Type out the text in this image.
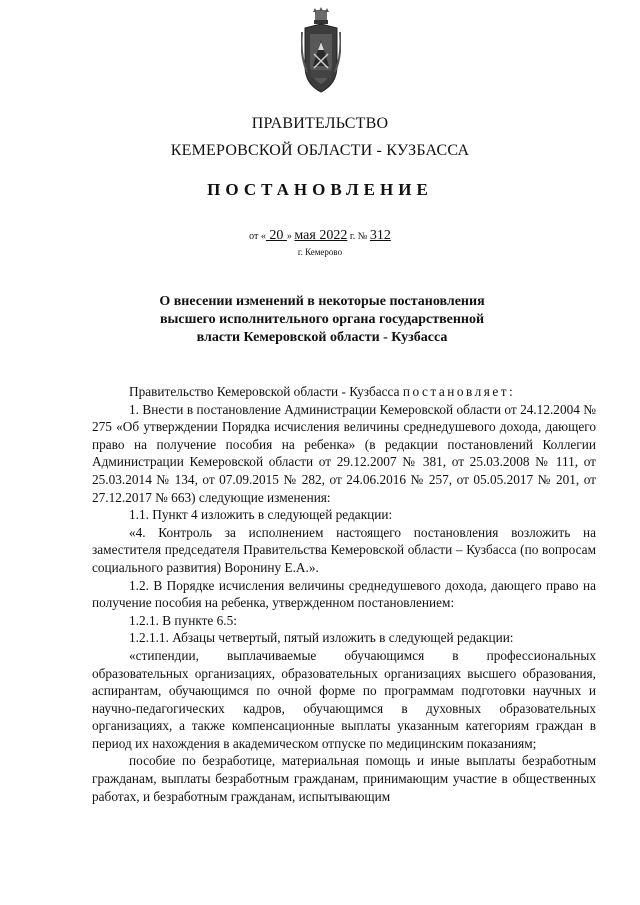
ПРАВИТЕЛЬСТВО
КЕМЕРОВСКОЙ ОБЛАСТИ - КУЗБАССА
ПОСТАНОВЛЕНИЕ
от « 20 » мая 2022 г. № 312
г. Кемерово
О внесении изменений в некоторые постановления
высшего исполнительного органа государственной
власти Кемеровской области - Кузбасса

Правительство Кемеровской области - Кузбасса постановляет:

1. Внести в постановление Администрации Кемеровской области от 24.12.2004 № 275 «Об утверждении Порядка исчисления величины среднедушевого дохода, дающего право на получение пособия на ребенка» (в редакции постановлений Коллегии Администрации Кемеровской области от 29.12.2007 № 381, от 25.03.2008 № 111, от 25.03.2014 № 134, от 07.09.2015 № 282, от 24.06.2016 № 257, от 05.05.2017 № 201, от 27.12.2017 № 663) следующие изменения:

1.1. Пункт 4 изложить в следующей редакции:

«4. Контроль за исполнением настоящего постановления возложить на заместителя председателя Правительства Кемеровской области – Кузбасса (по вопросам социального развития) Воронину Е.А.».

1.2. В Порядке исчисления величины среднедушевого дохода, дающего право на получение пособия на ребенка, утвержденном постановлением:

1.2.1. В пункте 6.5:

1.2.1.1. Абзацы четвертый, пятый изложить в следующей редакции:

«стипендии, выплачиваемые обучающимся в профессиональных образовательных организациях, образовательных организациях высшего образования, аспирантам, обучающимся по очной форме по программам подготовки научных и научно-педагогических кадров, обучающимся в духовных образовательных организациях, а также компенсационные выплаты указанным категориям граждан в период их нахождения в академическом отпуске по медицинским показаниям;

пособие по безработице, материальная помощь и иные выплаты безработным гражданам, выплаты безработным гражданам, принимающим участие в общественных работах, и безработным гражданам, испытывающим
